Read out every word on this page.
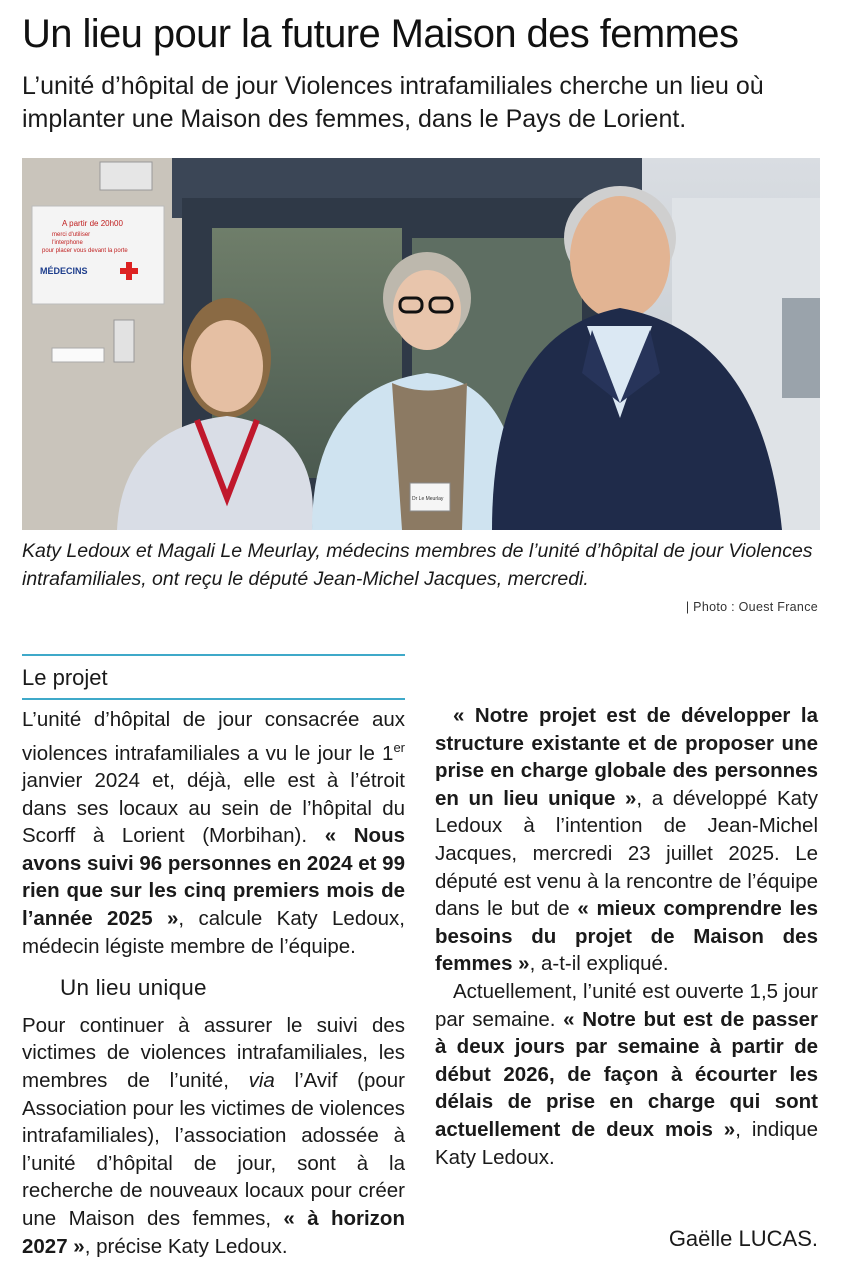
Un lieu pour la future Maison des femmes
L’unité d’hôpital de jour Violences intrafamiliales cherche un lieu où implanter une Maison des femmes, dans le Pays de Lorient.
A partir de 20h00
merci d'utiliser
l'interphone
pour placer vous devant la porte
MÉDECINS
Dr Le Meurlay
Katy Ledoux et Magali Le Meurlay, médecins membres de l’unité d’hôpital de jour Violences intrafamiliales, ont reçu le député Jean-Michel Jacques, mercredi.
| Photo : Ouest France
Le projet

L’unité d’hôpital de jour consacrée aux violences intrafamiliales a vu le jour le 1er janvier 2024 et, déjà, elle est à l’étroit dans ses locaux au sein de l’hôpital du Scorff à Lorient (Morbihan). « Nous avons suivi 96 personnes en 2024 et 99 rien que sur les cinq premiers mois de l’année 2025 », calcule Katy Ledoux, médecin légiste membre de l’équipe.

Un lieu unique

Pour continuer à assurer le suivi des victimes de violences intrafamiliales, les membres de l’unité, via l’Avif (pour Association pour les victimes de violences intrafamiliales), l’association adossée à l’unité d’hôpital de jour, sont à la recherche de nouveaux locaux pour créer une Maison des femmes, « à horizon 2027 », précise Katy Ledoux.

« Notre projet est de développer la structure existante et de proposer une prise en charge globale des personnes en un lieu unique », a développé Katy Ledoux à l’intention de Jean-Michel Jacques, mercredi 23 juillet 2025. Le député est venu à la rencontre de l’équipe dans le but de « mieux comprendre les besoins du projet de Maison des femmes », a-t-il expliqué.

Actuellement, l’unité est ouverte 1,5 jour par semaine. « Notre but est de passer à deux jours par semaine à partir de début 2026, de façon à écourter les délais de prise en charge qui sont actuellement de deux mois », indique Katy Ledoux.

Gaëlle LUCAS.
